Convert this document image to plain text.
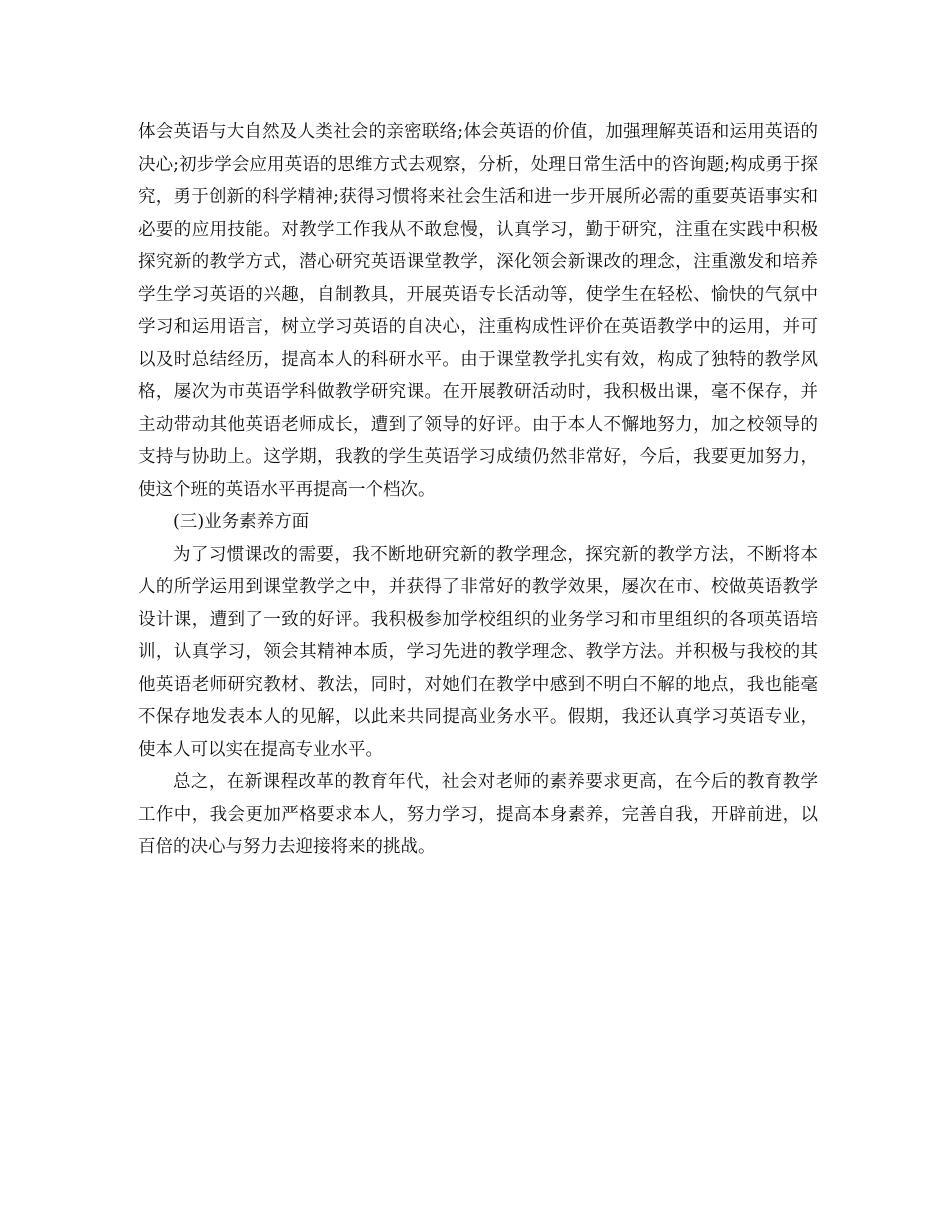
体会英语与大自然及人类社会的亲密联络;体会英语的价值，加强理解英语和运用英语的决心;初步学会应用英语的思维方式去观察，分析，处理日常生活中的咨询题;构成勇于探究，勇于创新的科学精神;获得习惯将来社会生活和进一步开展所必需的重要英语事实和必要的应用技能。对教学工作我从不敢怠慢，认真学习，勤于研究，注重在实践中积极探究新的教学方式，潜心研究英语课堂教学，深化领会新课改的理念，注重激发和培养学生学习英语的兴趣，自制教具，开展英语专长活动等，使学生在轻松、愉快的气氛中学习和运用语言，树立学习英语的自决心，注重构成性评价在英语教学中的运用，并可以及时总结经历，提高本人的科研水平。由于课堂教学扎实有效，构成了独特的教学风格，屡次为市英语学科做教学研究课。在开展教研活动时，我积极出课，毫不保存，并主动带动其他英语老师成长，遭到了领导的好评。由于本人不懈地努力，加之校领导的支持与协助上。这学期，我教的学生英语学习成绩仍然非常好，今后，我要更加努力，使这个班的英语水平再提高一个档次。

(三)业务素养方面

为了习惯课改的需要，我不断地研究新的教学理念，探究新的教学方法，不断将本人的所学运用到课堂教学之中，并获得了非常好的教学效果，屡次在市、校做英语教学设计课，遭到了一致的好评。我积极参加学校组织的业务学习和市里组织的各项英语培训，认真学习，领会其精神本质，学习先进的教学理念、教学方法。并积极与我校的其他英语老师研究教材、教法，同时，对她们在教学中感到不明白不解的地点，我也能毫不保存地发表本人的见解，以此来共同提高业务水平。假期，我还认真学习英语专业，使本人可以实在提高专业水平。

总之，在新课程改革的教育年代，社会对老师的素养要求更高，在今后的教育教学工作中，我会更加严格要求本人，努力学习，提高本身素养，完善自我，开辟前进，以百倍的决心与努力去迎接将来的挑战。
